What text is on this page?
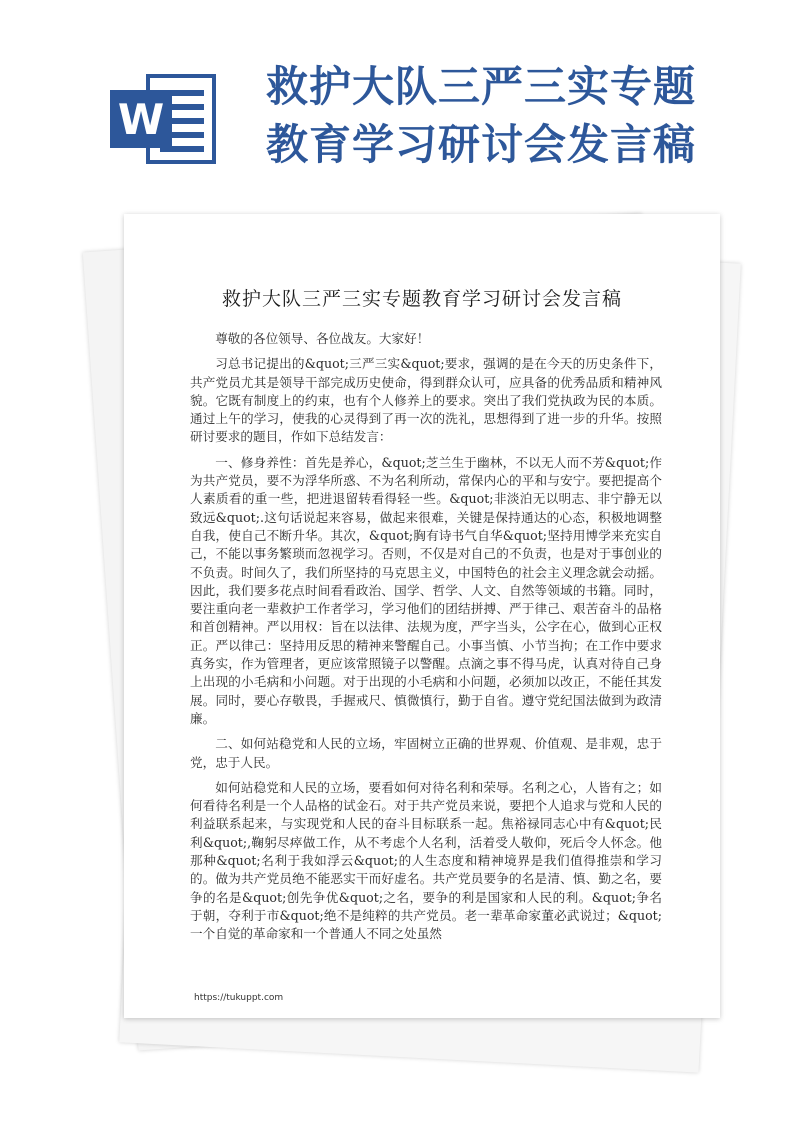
W
救护大队三严三实专题
教育学习研讨会发言稿
救护大队三严三实专题教育学习研讨会发言稿

尊敬的各位领导、各位战友。大家好！

习总书记提出的&quot;三严三实&quot;要求，强调的是在今天的历史条件下，共产党员尤其是领导干部完成历史使命，得到群众认可，应具备的优秀品质和精神风貌。它既有制度上的约束，也有个人修养上的要求。突出了我们党执政为民的本质。通过上午的学习，使我的心灵得到了再一次的洗礼，思想得到了进一步的升华。按照研讨要求的题目，作如下总结发言：

一、修身养性：首先是养心，&quot;芝兰生于幽林，不以无人而不芳&quot;作为共产党员，要不为浮华所惑、不为名利所动，常保内心的平和与安宁。要把提高个人素质看的重一些，把进退留转看得轻一些。&quot;非淡泊无以明志、非宁静无以致远&quot;.这句话说起来容易，做起来很难，关键是保持通达的心态，积极地调整自我，使自己不断升华。其次，&quot;胸有诗书气自华&quot;坚持用博学来充实自己，不能以事务繁琐而忽视学习。否则，不仅是对自己的不负责，也是对于事创业的不负责。时间久了，我们所坚持的马克思主义，中国特色的社会主义理念就会动摇。因此，我们要多花点时间看看政治、国学、哲学、人文、自然等领域的书籍。同时，要注重向老一辈救护工作者学习，学习他们的团结拼搏、严于律己、艰苦奋斗的品格和首创精神。严以用权：旨在以法律、法规为度，严字当头，公字在心，做到心正权正。严以律己：坚持用反思的精神来警醒自己。小事当慎、小节当拘；在工作中要求真务实，作为管理者，更应该常照镜子以警醒。点滴之事不得马虎，认真对待自己身上出现的小毛病和小问题。对于出现的小毛病和小问题，必须加以改正，不能任其发展。同时，要心存敬畏，手握戒尺、慎微慎行，勤于自省。遵守党纪国法做到为政清廉。

二、如何站稳党和人民的立场，牢固树立正确的世界观、价值观、是非观，忠于党，忠于人民。

如何站稳党和人民的立场，要看如何对待名利和荣辱。名利之心，人皆有之；如何看待名利是一个人品格的试金石。对于共产党员来说，要把个人追求与党和人民的利益联系起来，与实现党和人民的奋斗目标联系一起。焦裕禄同志心中有&quot;民利&quot;,鞠躬尽瘁做工作，从不考虑个人名利，活着受人敬仰，死后令人怀念。他那种&quot;名利于我如浮云&quot;的人生态度和精神境界是我们值得推崇和学习的。做为共产党员绝不能恶实干而好虚名。共产党员要争的名是清、慎、勤之名，要争的名是&quot;创先争优&quot;之名，要争的利是国家和人民的利。&quot;争名于朝，夺利于市&quot;绝不是纯粹的共产党员。老一辈革命家董必武说过；&quot;一个自觉的革命家和一个普通人不同之处虽然

https://tukuppt.com
